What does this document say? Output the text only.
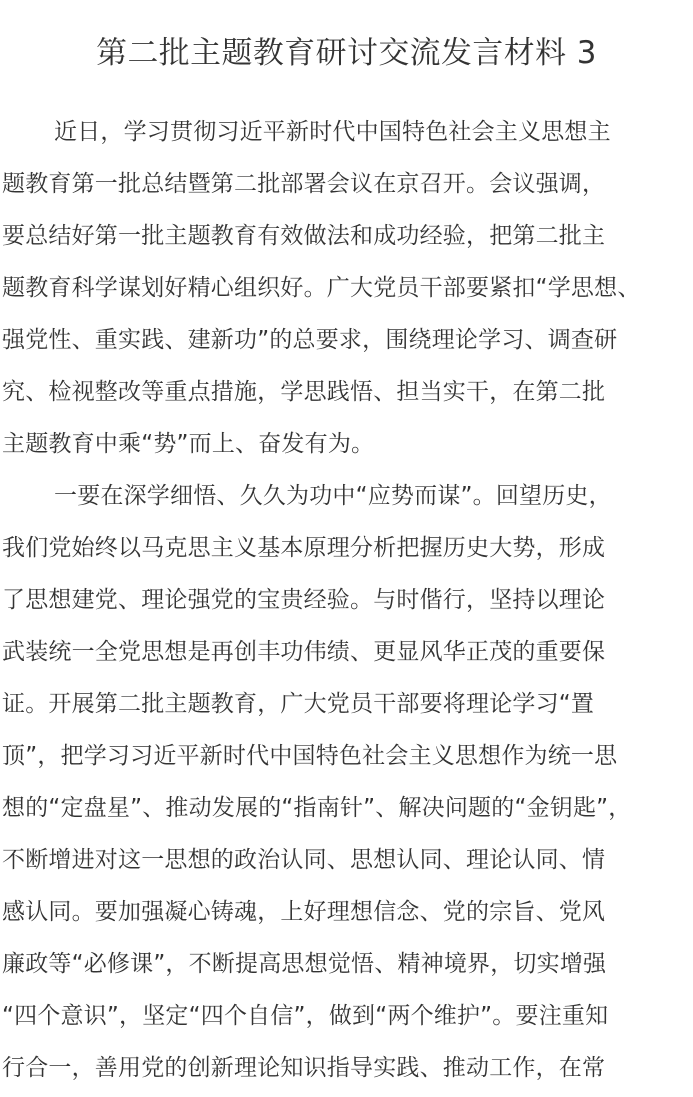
第二批主题教育研讨交流发言材料 3
近日，学习贯彻习近平新时代中国特色社会主义思想主
题教育第一批总结暨第二批部署会议在京召开。会议强调，
要总结好第一批主题教育有效做法和成功经验，把第二批主
题教育科学谋划好精心组织好。广大党员干部要紧扣“学思想、
强党性、重实践、建新功”的总要求，围绕理论学习、调查研
究、检视整改等重点措施，学思践悟、担当实干，在第二批
主题教育中乘“势”而上、奋发有为。
一要在深学细悟、久久为功中“应势而谋”。回望历史，
我们党始终以马克思主义基本原理分析把握历史大势，形成
了思想建党、理论强党的宝贵经验。与时偕行，坚持以理论
武装统一全党思想是再创丰功伟绩、更显风华正茂的重要保
证。开展第二批主题教育，广大党员干部要将理论学习“置
顶”，把学习习近平新时代中国特色社会主义思想作为统一思
想的“定盘星”、推动发展的“指南针”、解决问题的“金钥匙”，
不断增进对这一思想的政治认同、思想认同、理论认同、情
感认同。要加强凝心铸魂，上好理想信念、党的宗旨、党风
廉政等“必修课”，不断提高思想觉悟、精神境界，切实增强
“四个意识”，坚定“四个自信”，做到“两个维护”。要注重知
行合一，善用党的创新理论知识指导实践、推动工作，在常
